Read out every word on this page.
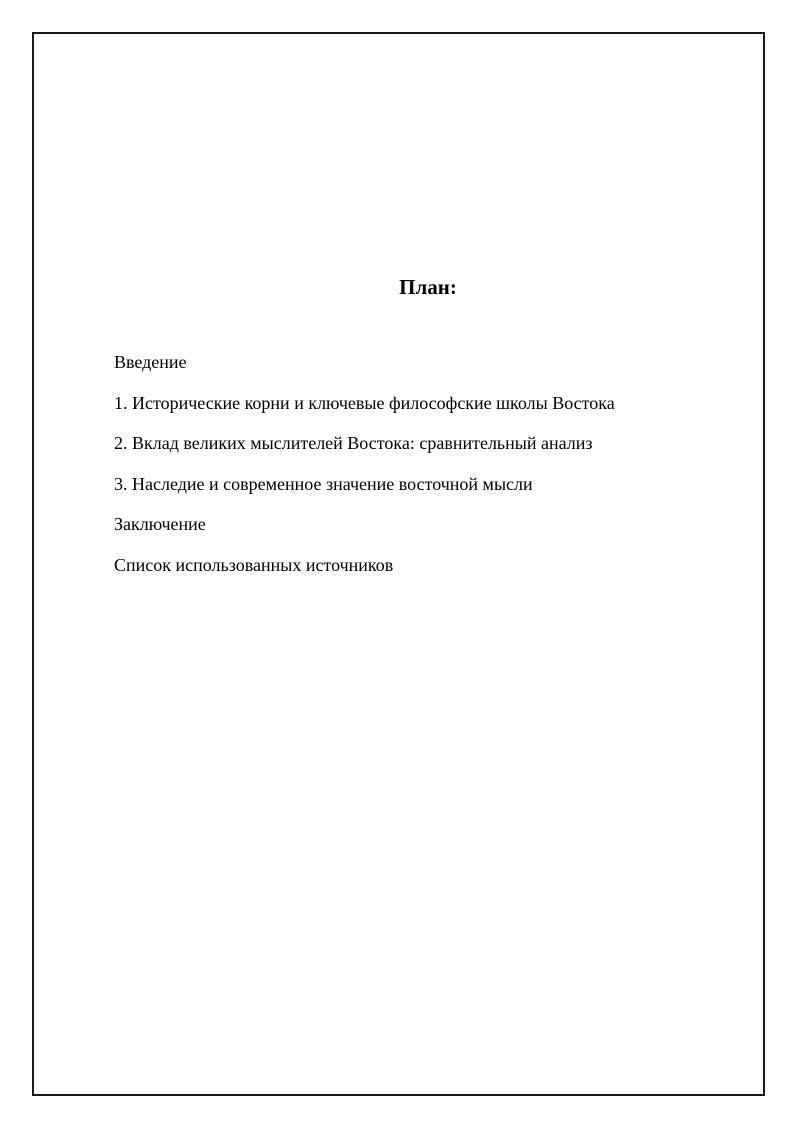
План:
Введение
1. Исторические корни и ключевые философские школы Востока
2. Вклад великих мыслителей Востока: сравнительный анализ
3. Наследие и современное значение восточной мысли
Заключение
Список использованных источников
